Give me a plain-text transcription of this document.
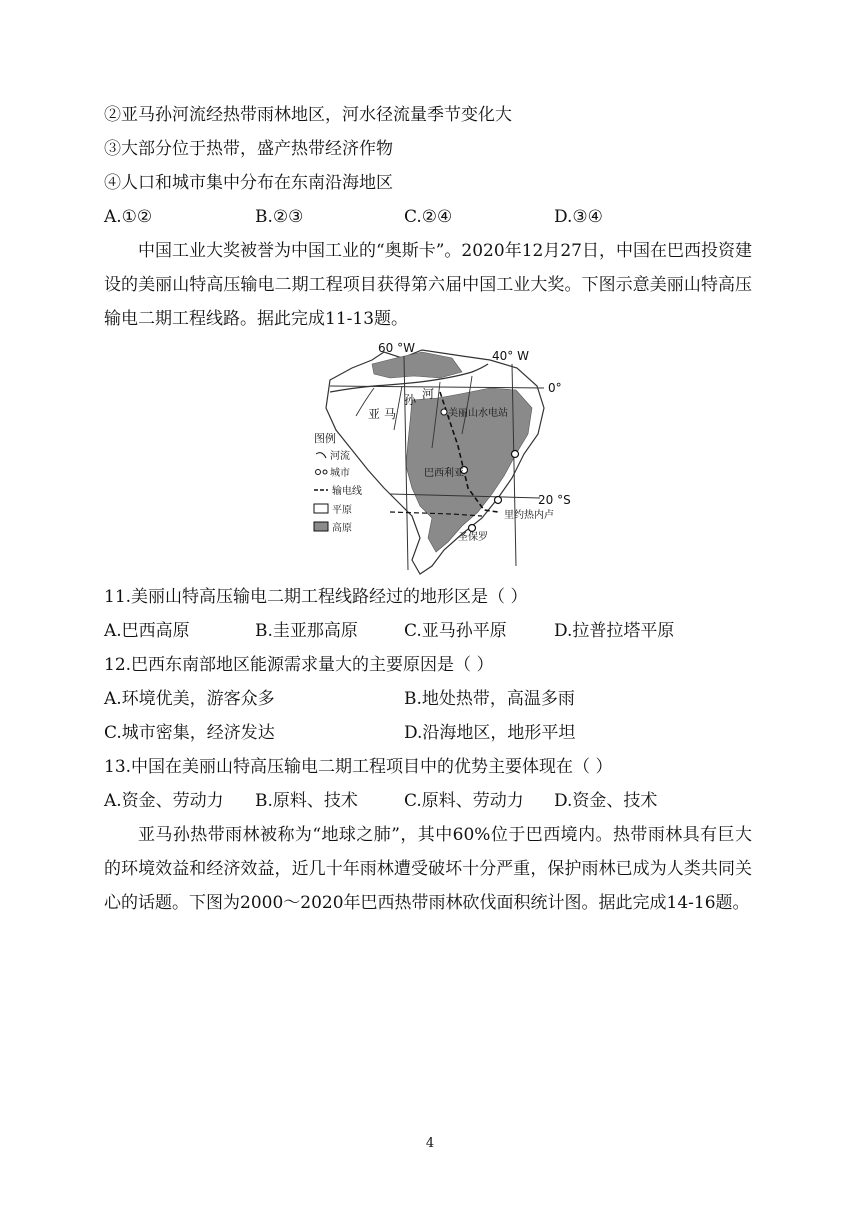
②亚马孙河流经热带雨林地区，河水径流量季节变化大
③大部分位于热带，盛产热带经济作物
④人口和城市集中分布在东南沿海地区
A.①②	B.②③	C.②④	D.③④
中国工业大奖被誉为中国工业的“奥斯卡”。2020年12月27日，中国在巴西投资建设的美丽山特高压输电二期工程项目获得第六届中国工业大奖。下图示意美丽山特高压输电二期工程线路。据此完成11-13题。
60 °W
40° W
0°
20 °S
亚 马
孙 河
美丽山水电站
巴西利亚
里约热内卢
圣保罗
图例
河流
城市
输电线
平原
高原
11.美丽山特高压输电二期工程线路经过的地形区是（ ）
A.巴西高原	B.圭亚那高原	C.亚马孙平原	D.拉普拉塔平原
12.巴西东南部地区能源需求量大的主要原因是（ ）
A.环境优美，游客众多	B.地处热带，高温多雨
C.城市密集，经济发达	D.沿海地区，地形平坦
13.中国在美丽山特高压输电二期工程项目中的优势主要体现在（ ）
A.资金、劳动力 B.原料、技术	C.原料、劳动力 D.资金、技术
亚马孙热带雨林被称为“地球之肺”，其中60%位于巴西境内。热带雨林具有巨大的环境效益和经济效益，近几十年雨林遭受破坏十分严重，保护雨林已成为人类共同关心的话题。下图为2000～2020年巴西热带雨林砍伐面积统计图。据此完成14-16题。
4
